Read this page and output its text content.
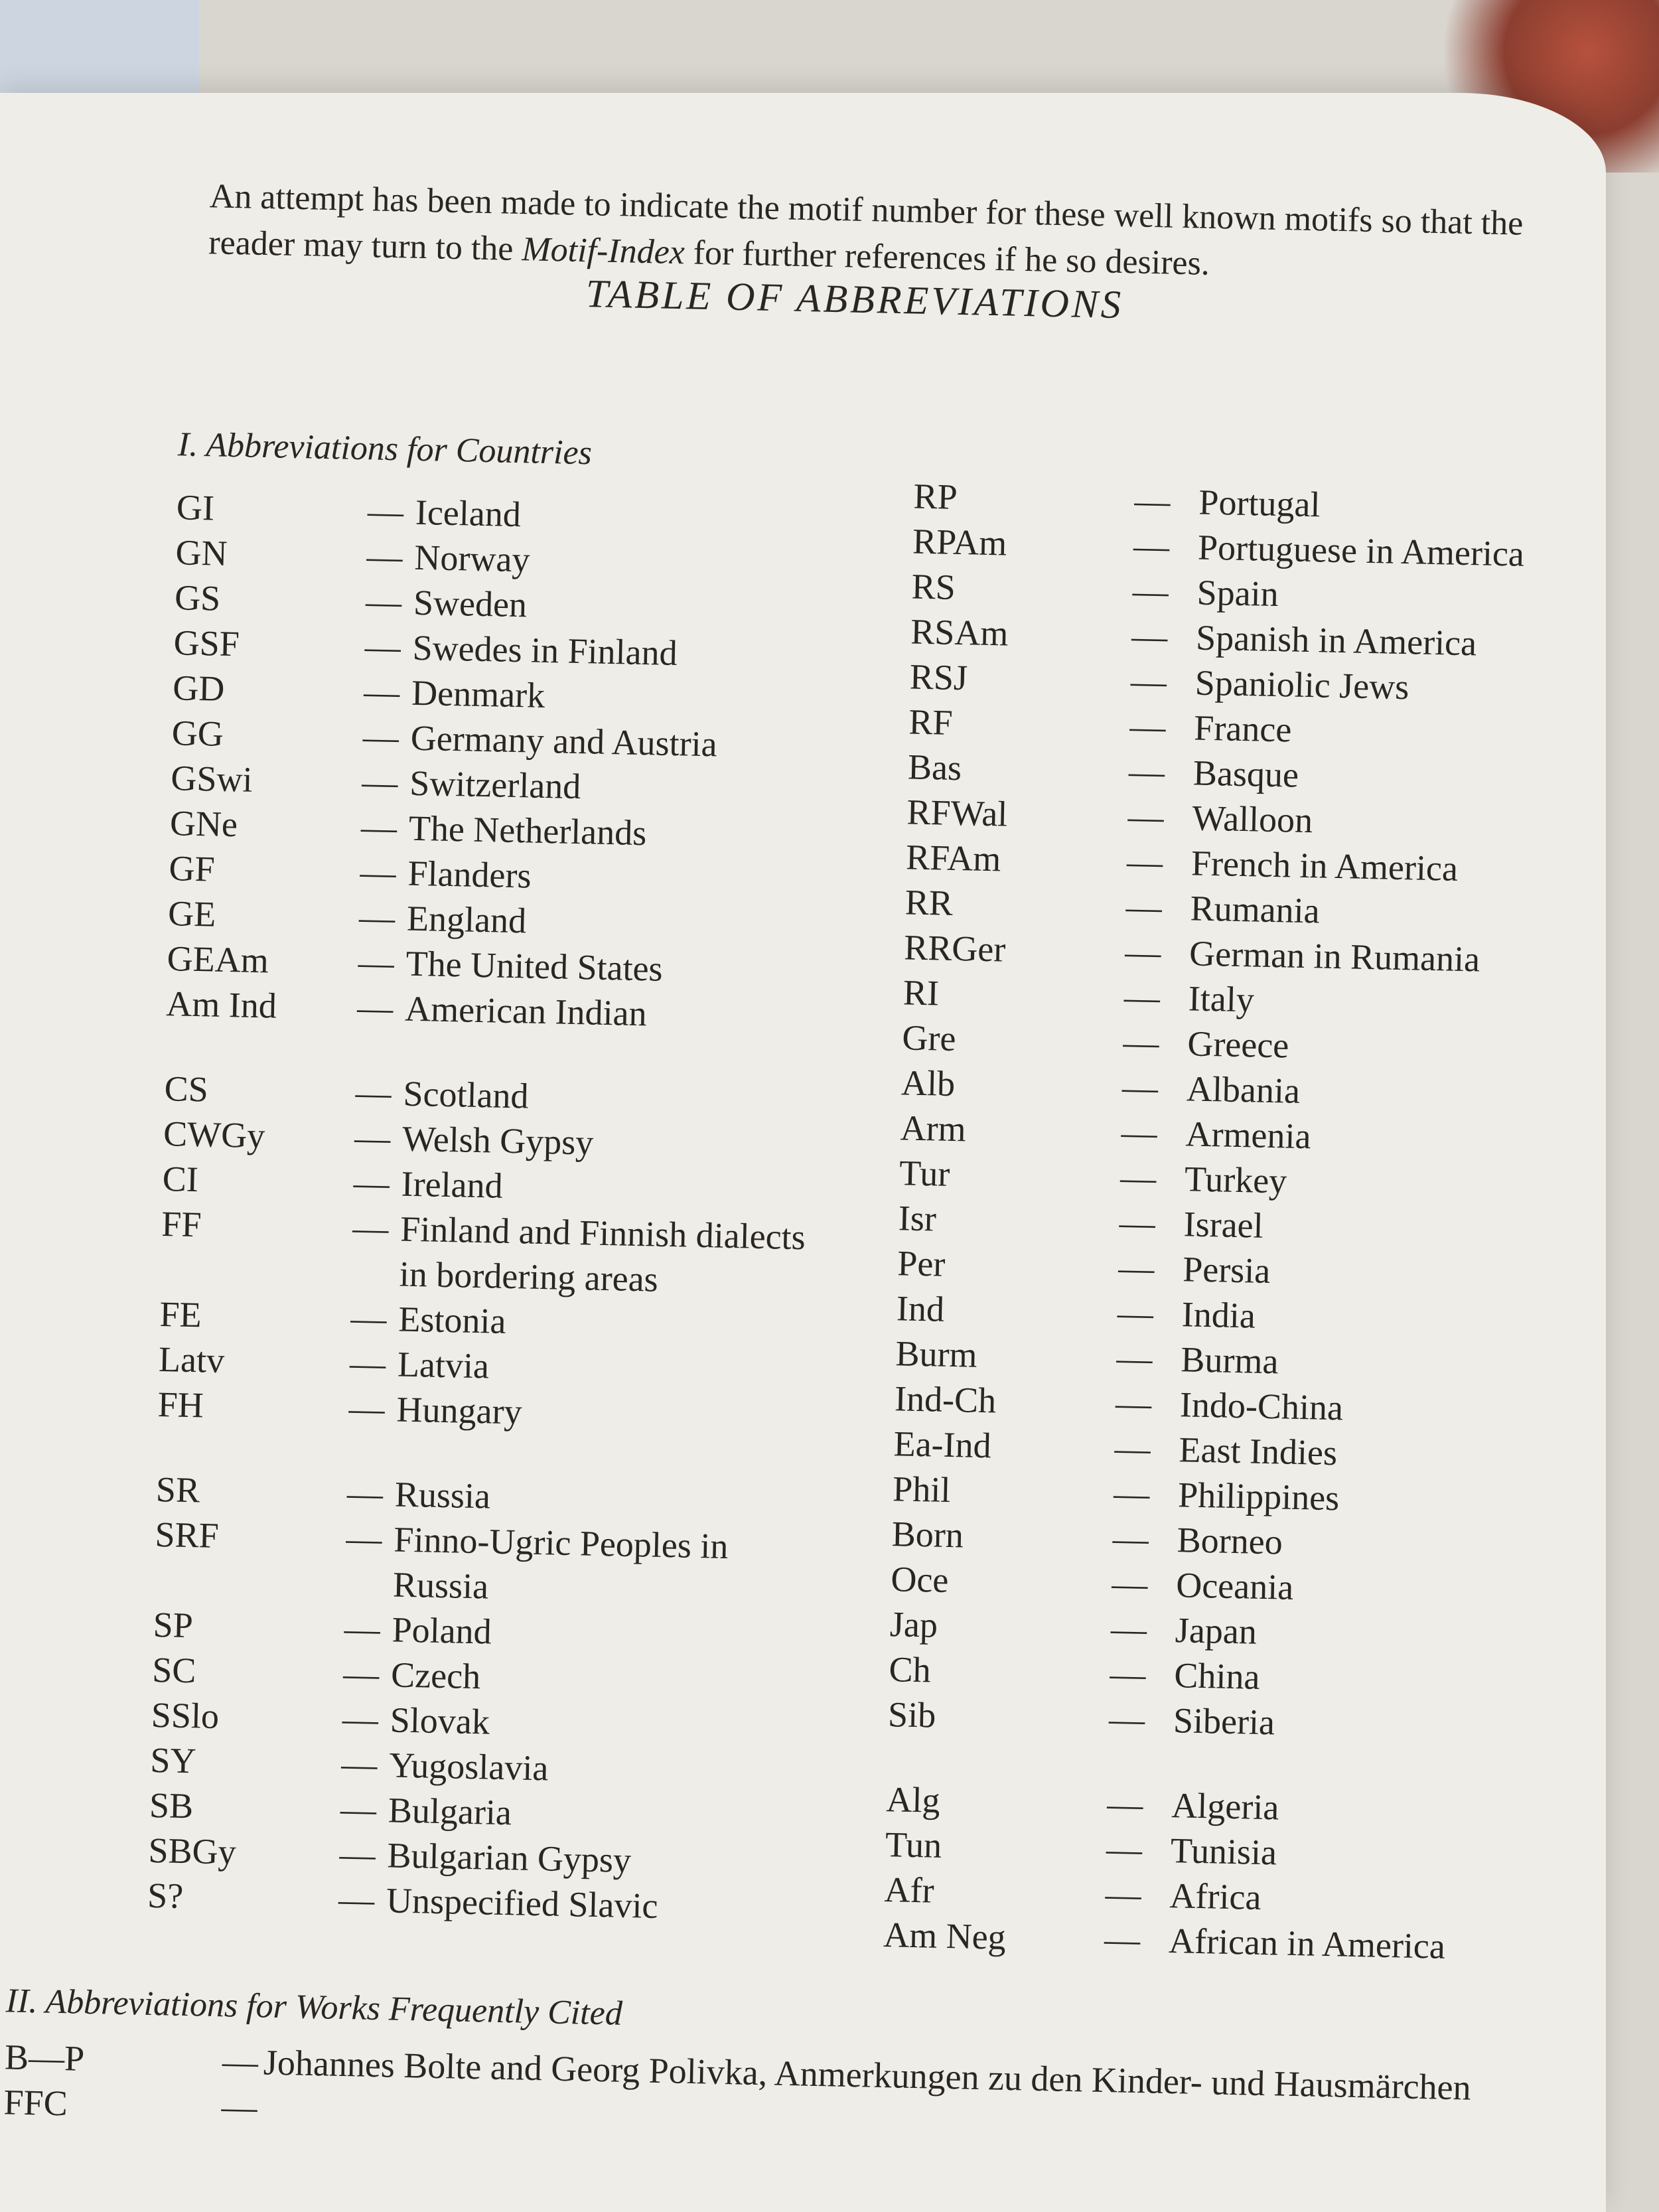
An attempt has been made to indicate the motif number for these well known motifs so that the reader may turn to the Motif-Index for further references if he so desires.
TABLE OF ABBREVIATIONS
I. Abbreviations for Countries
GI	— Iceland
GN	— Norway
GS	— Sweden
GSF	— Swedes in Finland
GD	— Denmark
GG	— Germany and Austria
GSwi	— Switzerland
GNe	— The Netherlands
GF	— Flanders
GE	— England
GEAm	— The United States
Am Ind	— American Indian
CS	— Scotland
CWGy	— Welsh Gypsy
CI	— Ireland
FF	— Finland and Finnish dialects in bordering areas
FE	— Estonia
Latv	— Latvia
FH	— Hungary
SR	— Russia
SRF	— Finno-Ugric Peoples in Russia
SP	— Poland
SC	— Czech
SSlo	— Slovak
SY	— Yugoslavia
SB	— Bulgaria
SBGy	— Bulgarian Gypsy
S?	— Unspecified Slavic
RP	— Portugal
RPAm	— Portuguese in America
RS	— Spain
RSAm	— Spanish in America
RSJ	— Spaniolic Jews
RF	— France
Bas	— Basque
RFWal	— Walloon
RFAm	— French in America
RR	— Rumania
RRGer	— German in Rumania
RI	— Italy
Gre	— Greece
Alb	— Albania
Arm	— Armenia
Tur	— Turkey
Isr	— Israel
Per	— Persia
Ind	— India
Burm	— Burma
Ind-Ch	— Indo-China
Ea-Ind	— East Indies
Phil	— Philippines
Born	— Borneo
Oce	— Oceania
Jap	— Japan
Ch	— China
Sib	— Siberia
Alg	— Algeria
Tun	— Tunisia
Afr	— Africa
Am Neg	— African in America
II. Abbreviations for Works Frequently Cited
B—P	— Johannes Bolte and Georg Polivka, Anmerkungen zu den Kinder- und Hausmärchen
FFC	—
